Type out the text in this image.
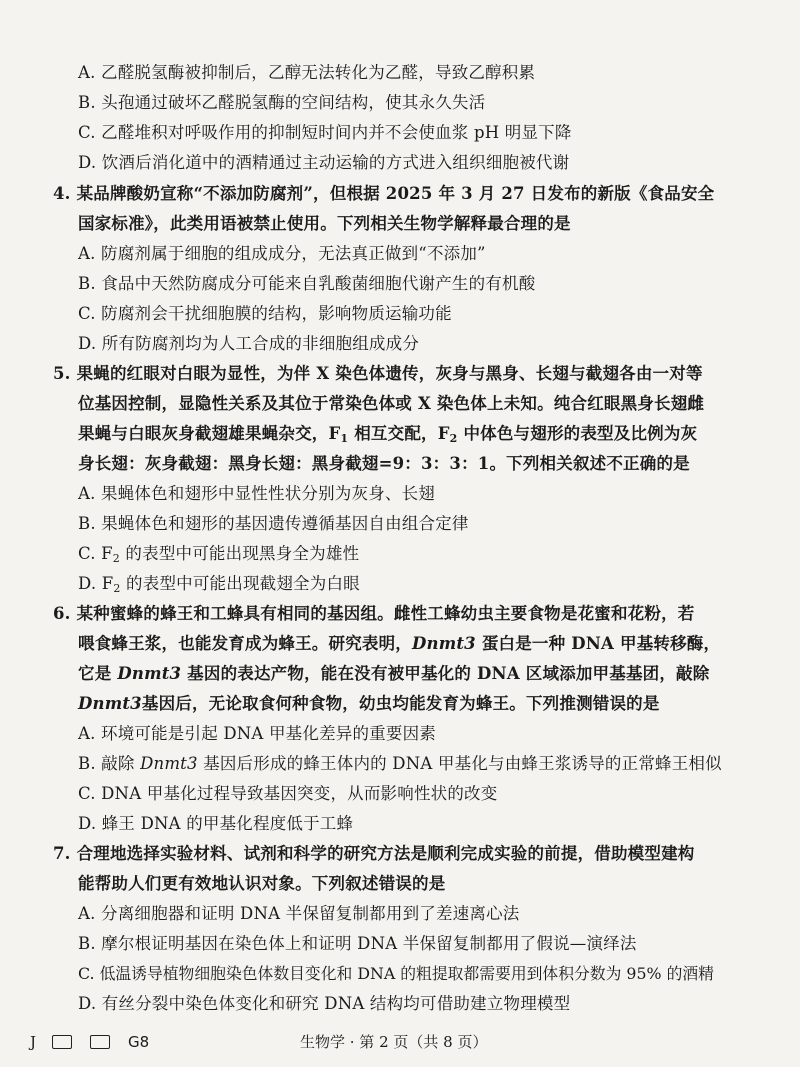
A. 乙醛脱氢酶被抑制后，乙醇无法转化为乙醛，导致乙醇积累
B. 头孢通过破坏乙醛脱氢酶的空间结构，使其永久失活
C. 乙醛堆积对呼吸作用的抑制短时间内并不会使血浆 pH 明显下降
D. 饮酒后消化道中的酒精通过主动运输的方式进入组织细胞被代谢
4. 某品牌酸奶宣称“不添加防腐剂”，但根据 2025 年 3 月 27 日发布的新版《食品安全
国家标准》，此类用语被禁止使用。下列相关生物学解释最合理的是
A. 防腐剂属于细胞的组成成分，无法真正做到“不添加”
B. 食品中天然防腐成分可能来自乳酸菌细胞代谢产生的有机酸
C. 防腐剂会干扰细胞膜的结构，影响物质运输功能
D. 所有防腐剂均为人工合成的非细胞组成成分
5. 果蝇的红眼对白眼为显性，为伴 X 染色体遗传，灰身与黑身、长翅与截翅各由一对等
位基因控制，显隐性关系及其位于常染色体或 X 染色体上未知。纯合红眼黑身长翅雌
果蝇与白眼灰身截翅雄果蝇杂交，$F_1$ 相互交配，$F_2$ 中体色与翅形的表型及比例为灰
身长翅：灰身截翅：黑身长翅：黑身截翅=9：3：3：1。下列相关叙述不正确的是
A. 果蝇体色和翅形中显性性状分别为灰身、长翅
B. 果蝇体色和翅形的基因遗传遵循基因自由组合定律
C. $F_2$ 的表型中可能出现黑身全为雄性
D. $F_2$ 的表型中可能出现截翅全为白眼
6. 某种蜜蜂的蜂王和工蜂具有相同的基因组。雌性工蜂幼虫主要食物是花蜜和花粉，若
喂食蜂王浆，也能发育成为蜂王。研究表明，Dnmt3 蛋白是一种 DNA 甲基转移酶，
它是 Dnmt3 基因的表达产物，能在没有被甲基化的 DNA 区域添加甲基基团，敲除
Dnmt3基因后，无论取食何种食物，幼虫均能发育为蜂王。下列推测错误的是
A. 环境可能是引起 DNA 甲基化差异的重要因素
B. 敲除 Dnmt3 基因后形成的蜂王体内的 DNA 甲基化与由蜂王浆诱导的正常蜂王相似
C. DNA 甲基化过程导致基因突变，从而影响性状的改变
D. 蜂王 DNA 的甲基化程度低于工蜂
7. 合理地选择实验材料、试剂和科学的研究方法是顺利完成实验的前提，借助模型建构
能帮助人们更有效地认识对象。下列叙述错误的是
A. 分离细胞器和证明 DNA 半保留复制都用到了差速离心法
B. 摩尔根证明基因在染色体上和证明 DNA 半保留复制都用了假说—演绎法
C. 低温诱导植物细胞染色体数目变化和 DNA 的粗提取都需要用到体积分数为 95% 的酒精
D. 有丝分裂中染色体变化和研究 DNA 结构均可借助建立物理模型
J	G8	生物学 · 第 2 页（共 8 页）
